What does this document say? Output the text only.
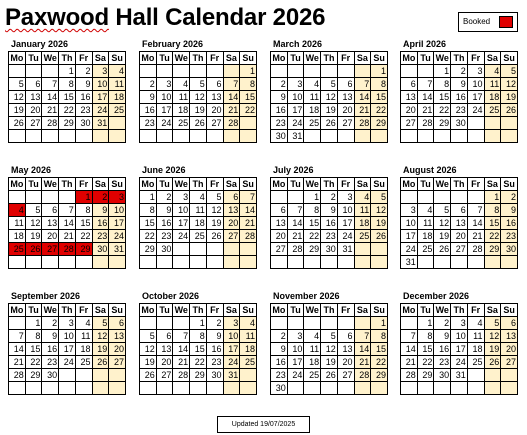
Paxwood Hall Calendar 2026	Booked
January 2026
Mo	Tu	We	Th	Fr	Sa	Su
			1	2	3	4
5	6	7	8	9	10	11
12	13	14	15	16	17	18
19	20	21	22	23	24	25
26	27	28	29	30	31	

February 2026
Mo	Tu	We	Th	Fr	Sa	Su
						1
2	3	4	5	6	7	8
9	10	11	12	13	14	15
16	17	18	19	20	21	22
23	24	25	26	27	28	

March 2026
Mo	Tu	We	Th	Fr	Sa	Su
						1
2	3	4	5	6	7	8
9	10	11	12	13	14	15
16	17	18	19	20	21	22
23	24	25	26	27	28	29
30	31					
April 2026
Mo	Tu	We	Th	Fr	Sa	Su
		1	2	3	4	5
6	7	8	9	10	11	12
13	14	15	16	17	18	19
20	21	22	23	24	25	26
27	28	29	30			

May 2026
Mo	Tu	We	Th	Fr	Sa	Su
				1	2	3
4	5	6	7	8	9	10
11	12	13	14	15	16	17
18	19	20	21	22	23	24
25	26	27	28	29	30	31

June 2026
Mo	Tu	We	Th	Fr	Sa	Su
1	2	3	4	5	6	7
8	9	10	11	12	13	14
15	16	17	18	19	20	21
22	23	24	25	26	27	28
29	30					

July 2026
Mo	Tu	We	Th	Fr	Sa	Su
		1	2	3	4	5
6	7	8	9	10	11	12
13	14	15	16	17	18	19
20	21	22	23	24	25	26
27	28	29	30	31		

August 2026
Mo	Tu	We	Th	Fr	Sa	Su
					1	2
3	4	5	6	7	8	9
10	11	12	13	14	15	16
17	18	19	20	21	22	23
24	25	26	27	28	29	30
31						
September 2026
Mo	Tu	We	Th	Fr	Sa	Su
	1	2	3	4	5	6
7	8	9	10	11	12	13
14	15	16	17	18	19	20
21	22	23	24	25	26	27
28	29	30				

October 2026
Mo	Tu	We	Th	Fr	Sa	Su
			1	2	3	4
5	6	7	8	9	10	11
12	13	14	15	16	17	18
19	20	21	22	23	24	25
26	27	28	29	30	31	

November 2026
Mo	Tu	We	Th	Fr	Sa	Su
						1
2	3	4	5	6	7	8
9	10	11	12	13	14	15
16	17	18	19	20	21	22
23	24	25	26	27	28	29
30						
December 2026
Mo	Tu	We	Th	Fr	Sa	Su
	1	2	3	4	5	6
7	8	9	10	11	12	13
14	15	16	17	18	19	20
21	22	23	24	25	26	27
28	29	30	31			

Updated 19/07/2025
